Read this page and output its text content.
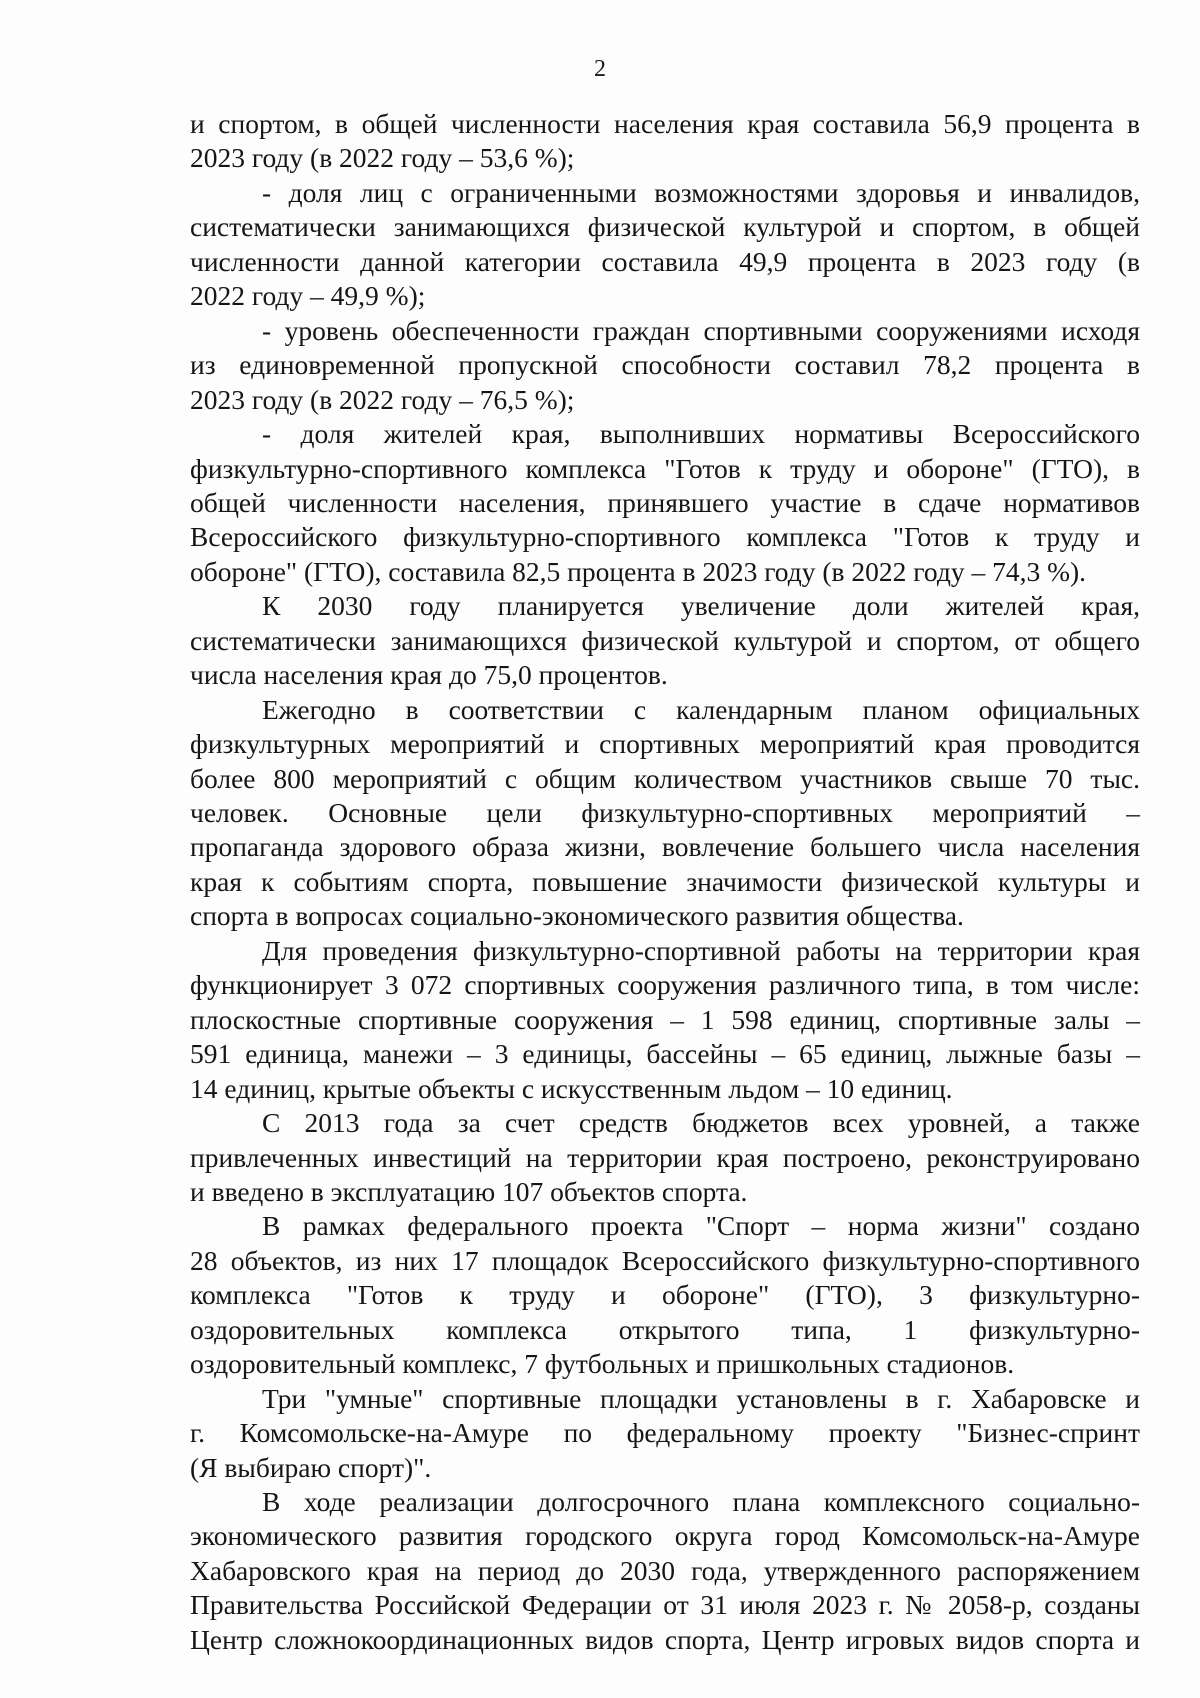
2

и спортом, в общей численности населения края составила 56,9 процента в

2023 году (в 2022 году – 53,6 %);

- доля лиц с ограниченными возможностями здоровья и инвалидов,

систематически занимающихся физической культурой и спортом, в общей

численности данной категории составила 49,9 процента в 2023 году (в

2022 году – 49,9 %);

- уровень обеспеченности граждан спортивными сооружениями исходя

из единовременной пропускной способности составил 78,2 процента в

2023 году (в 2022 году – 76,5 %);

- доля жителей края, выполнивших нормативы Всероссийского

физкультурно-спортивного комплекса "Готов к труду и обороне" (ГТО), в

общей численности населения, принявшего участие в сдаче нормативов

Всероссийского физкультурно-спортивного комплекса "Готов к труду и

обороне" (ГТО), составила 82,5 процента в 2023 году (в 2022 году – 74,3 %).

К 2030 году планируется увеличение доли жителей края,

систематически занимающихся физической культурой и спортом, от общего

числа населения края до 75,0 процентов.

Ежегодно в соответствии с календарным планом официальных

физкультурных мероприятий и спортивных мероприятий края проводится

более 800 мероприятий с общим количеством участников свыше 70 тыс.

человек. Основные цели физкультурно-спортивных мероприятий –

пропаганда здорового образа жизни, вовлечение большего числа населения

края к событиям спорта, повышение значимости физической культуры и

спорта в вопросах социально-экономического развития общества.

Для проведения физкультурно-спортивной работы на территории края

функционирует 3 072 спортивных сооружения различного типа, в том числе:

плоскостные спортивные сооружения – 1 598 единиц, спортивные залы –

591 единица, манежи – 3 единицы, бассейны – 65 единиц, лыжные базы –

14 единиц, крытые объекты с искусственным льдом – 10 единиц.

С 2013 года за счет средств бюджетов всех уровней, а также

привлеченных инвестиций на территории края построено, реконструировано

и введено в эксплуатацию 107 объектов спорта.

В рамках федерального проекта "Спорт – норма жизни" создано

28 объектов, из них 17 площадок Всероссийского физкультурно-спортивного

комплекса "Готов к труду и обороне" (ГТО), 3 физкультурно-

оздоровительных комплекса открытого типа, 1 физкультурно-

оздоровительный комплекс, 7 футбольных и пришкольных стадионов.

Три "умные" спортивные площадки установлены в г. Хабаровске и

г. Комсомольске-на-Амуре по федеральному проекту "Бизнес-спринт

(Я выбираю спорт)".

В ходе реализации долгосрочного плана комплексного социально-

экономического развития городского округа город Комсомольск-на-Амуре

Хабаровского края на период до 2030 года, утвержденного распоряжением

Правительства Российской Федерации от 31 июля 2023 г. № 2058-р, созданы

Центр сложнокоординационных видов спорта, Центр игровых видов спорта и
